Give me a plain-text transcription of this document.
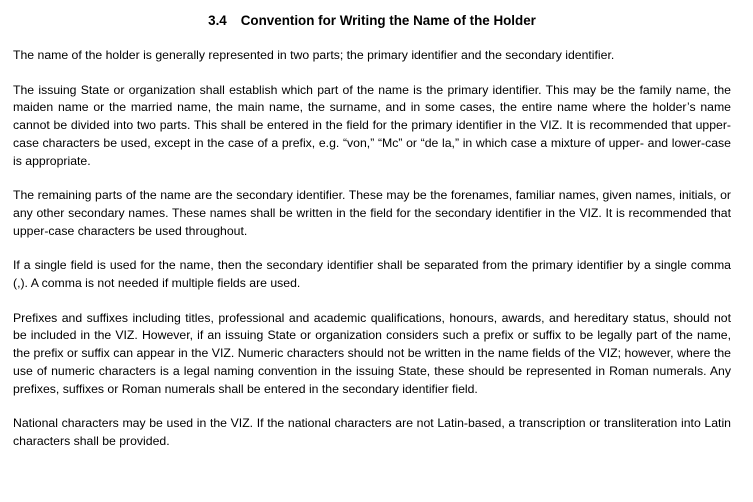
3.4 Convention for Writing the Name of the Holder

The name of the holder is generally represented in two parts; the primary identifier and the secondary identifier.

The issuing State or organization shall establish which part of the name is the primary identifier. This may be the family name, the maiden name or the married name, the main name, the surname, and in some cases, the entire name where the holder’s name cannot be divided into two parts. This shall be entered in the field for the primary identifier in the VIZ. It is recommended that upper-case characters be used, except in the case of a prefix, e.g. “von,” “Mc” or “de la,” in which case a mixture of upper- and lower-case is appropriate.

The remaining parts of the name are the secondary identifier. These may be the forenames, familiar names, given names, initials, or any other secondary names. These names shall be written in the field for the secondary identifier in the VIZ. It is recommended that upper-case characters be used throughout.

If a single field is used for the name, then the secondary identifier shall be separated from the primary identifier by a single comma (,). A comma is not needed if multiple fields are used.

Prefixes and suffixes including titles, professional and academic qualifications, honours, awards, and hereditary status, should not be included in the VIZ. However, if an issuing State or organization considers such a prefix or suffix to be legally part of the name, the prefix or suffix can appear in the VIZ. Numeric characters should not be written in the name fields of the VIZ; however, where the use of numeric characters is a legal naming convention in the issuing State, these should be represented in Roman numerals. Any prefixes, suffixes or Roman numerals shall be entered in the secondary identifier field.

National characters may be used in the VIZ. If the national characters are not Latin-based, a transcription or transliteration into Latin characters shall be provided.
